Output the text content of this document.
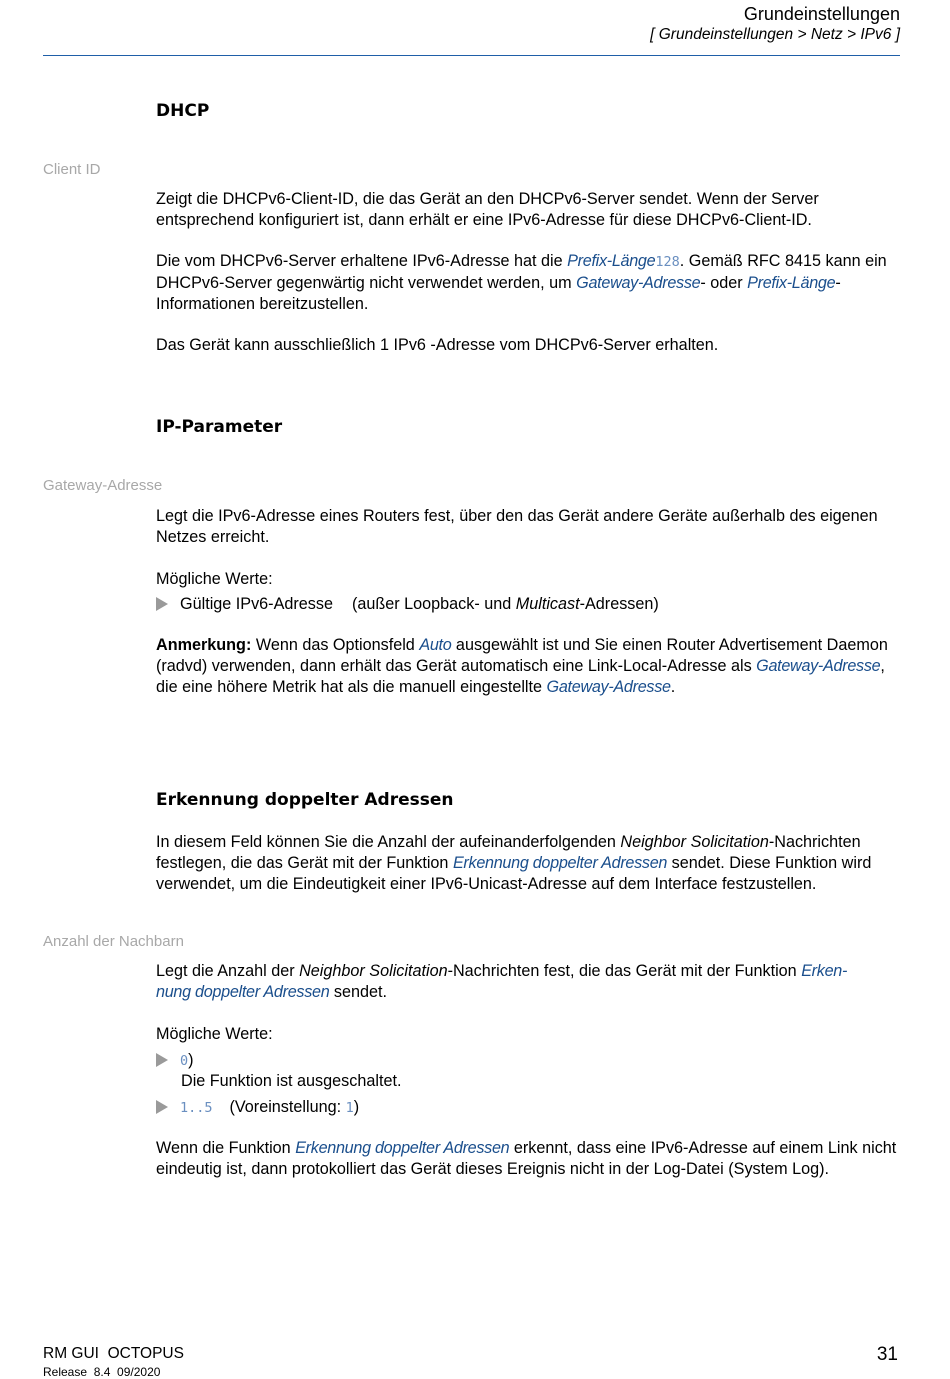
Grundeinstellungen
[ Grundeinstellungen > Netz > IPv6 ]
DHCP
Client ID
Zeigt die DHCPv6-Client-ID, die das Gerät an den DHCPv6-Server sendet. Wenn der Server entsprechend konfiguriert ist, dann erhält er eine IPv6-Adresse für diese DHCPv6-Client-ID.
Die vom DHCPv6-Server erhaltene IPv6-Adresse hat die Prefix-Länge128. Gemäß RFC 8415 kann ein DHCPv6-Server gegenwärtig nicht verwendet werden, um Gateway-Adresse- oder Prefix-Länge-Informationen bereitzustellen.
Das Gerät kann ausschließlich 1 IPv6 -Adresse vom DHCPv6-Server erhalten.
IP-Parameter
Gateway-Adresse
Legt die IPv6-Adresse eines Routers fest, über den das Gerät andere Geräte außerhalb des eigenen Netzes erreicht.
Mögliche Werte:
Gültige IPv6-Adresse (außer Loopback- und Multicast-Adressen)
Anmerkung: Wenn das Optionsfeld Auto ausgewählt ist und Sie einen Router Advertisement Daemon (radvd) verwenden, dann erhält das Gerät automatisch eine Link-Local-Adresse als Gateway-Adresse, die eine höhere Metrik hat als die manuell eingestellte Gateway-Adresse.
Erkennung doppelter Adressen
In diesem Feld können Sie die Anzahl der aufeinanderfolgenden Neighbor Solicitation-Nachrichten festlegen, die das Gerät mit der Funktion Erkennung doppelter Adressen sendet. Diese Funktion wird verwendet, um die Eindeutigkeit einer IPv6-Unicast-Adresse auf dem Interface festzustellen.
Anzahl der Nachbarn
Legt die Anzahl der Neighbor Solicitation-Nachrichten fest, die das Gerät mit der Funktion Erken-
nung doppelter Adressen sendet.
Mögliche Werte:
0)
Die Funktion ist ausgeschaltet.
1..5 (Voreinstellung: 1)
Wenn die Funktion Erkennung doppelter Adressen erkennt, dass eine IPv6-Adresse auf einem Link nicht eindeutig ist, dann protokolliert das Gerät dieses Ereignis nicht in der Log-Datei (System Log).
RM GUI  OCTOPUS
Release  8.4  09/2020
31
